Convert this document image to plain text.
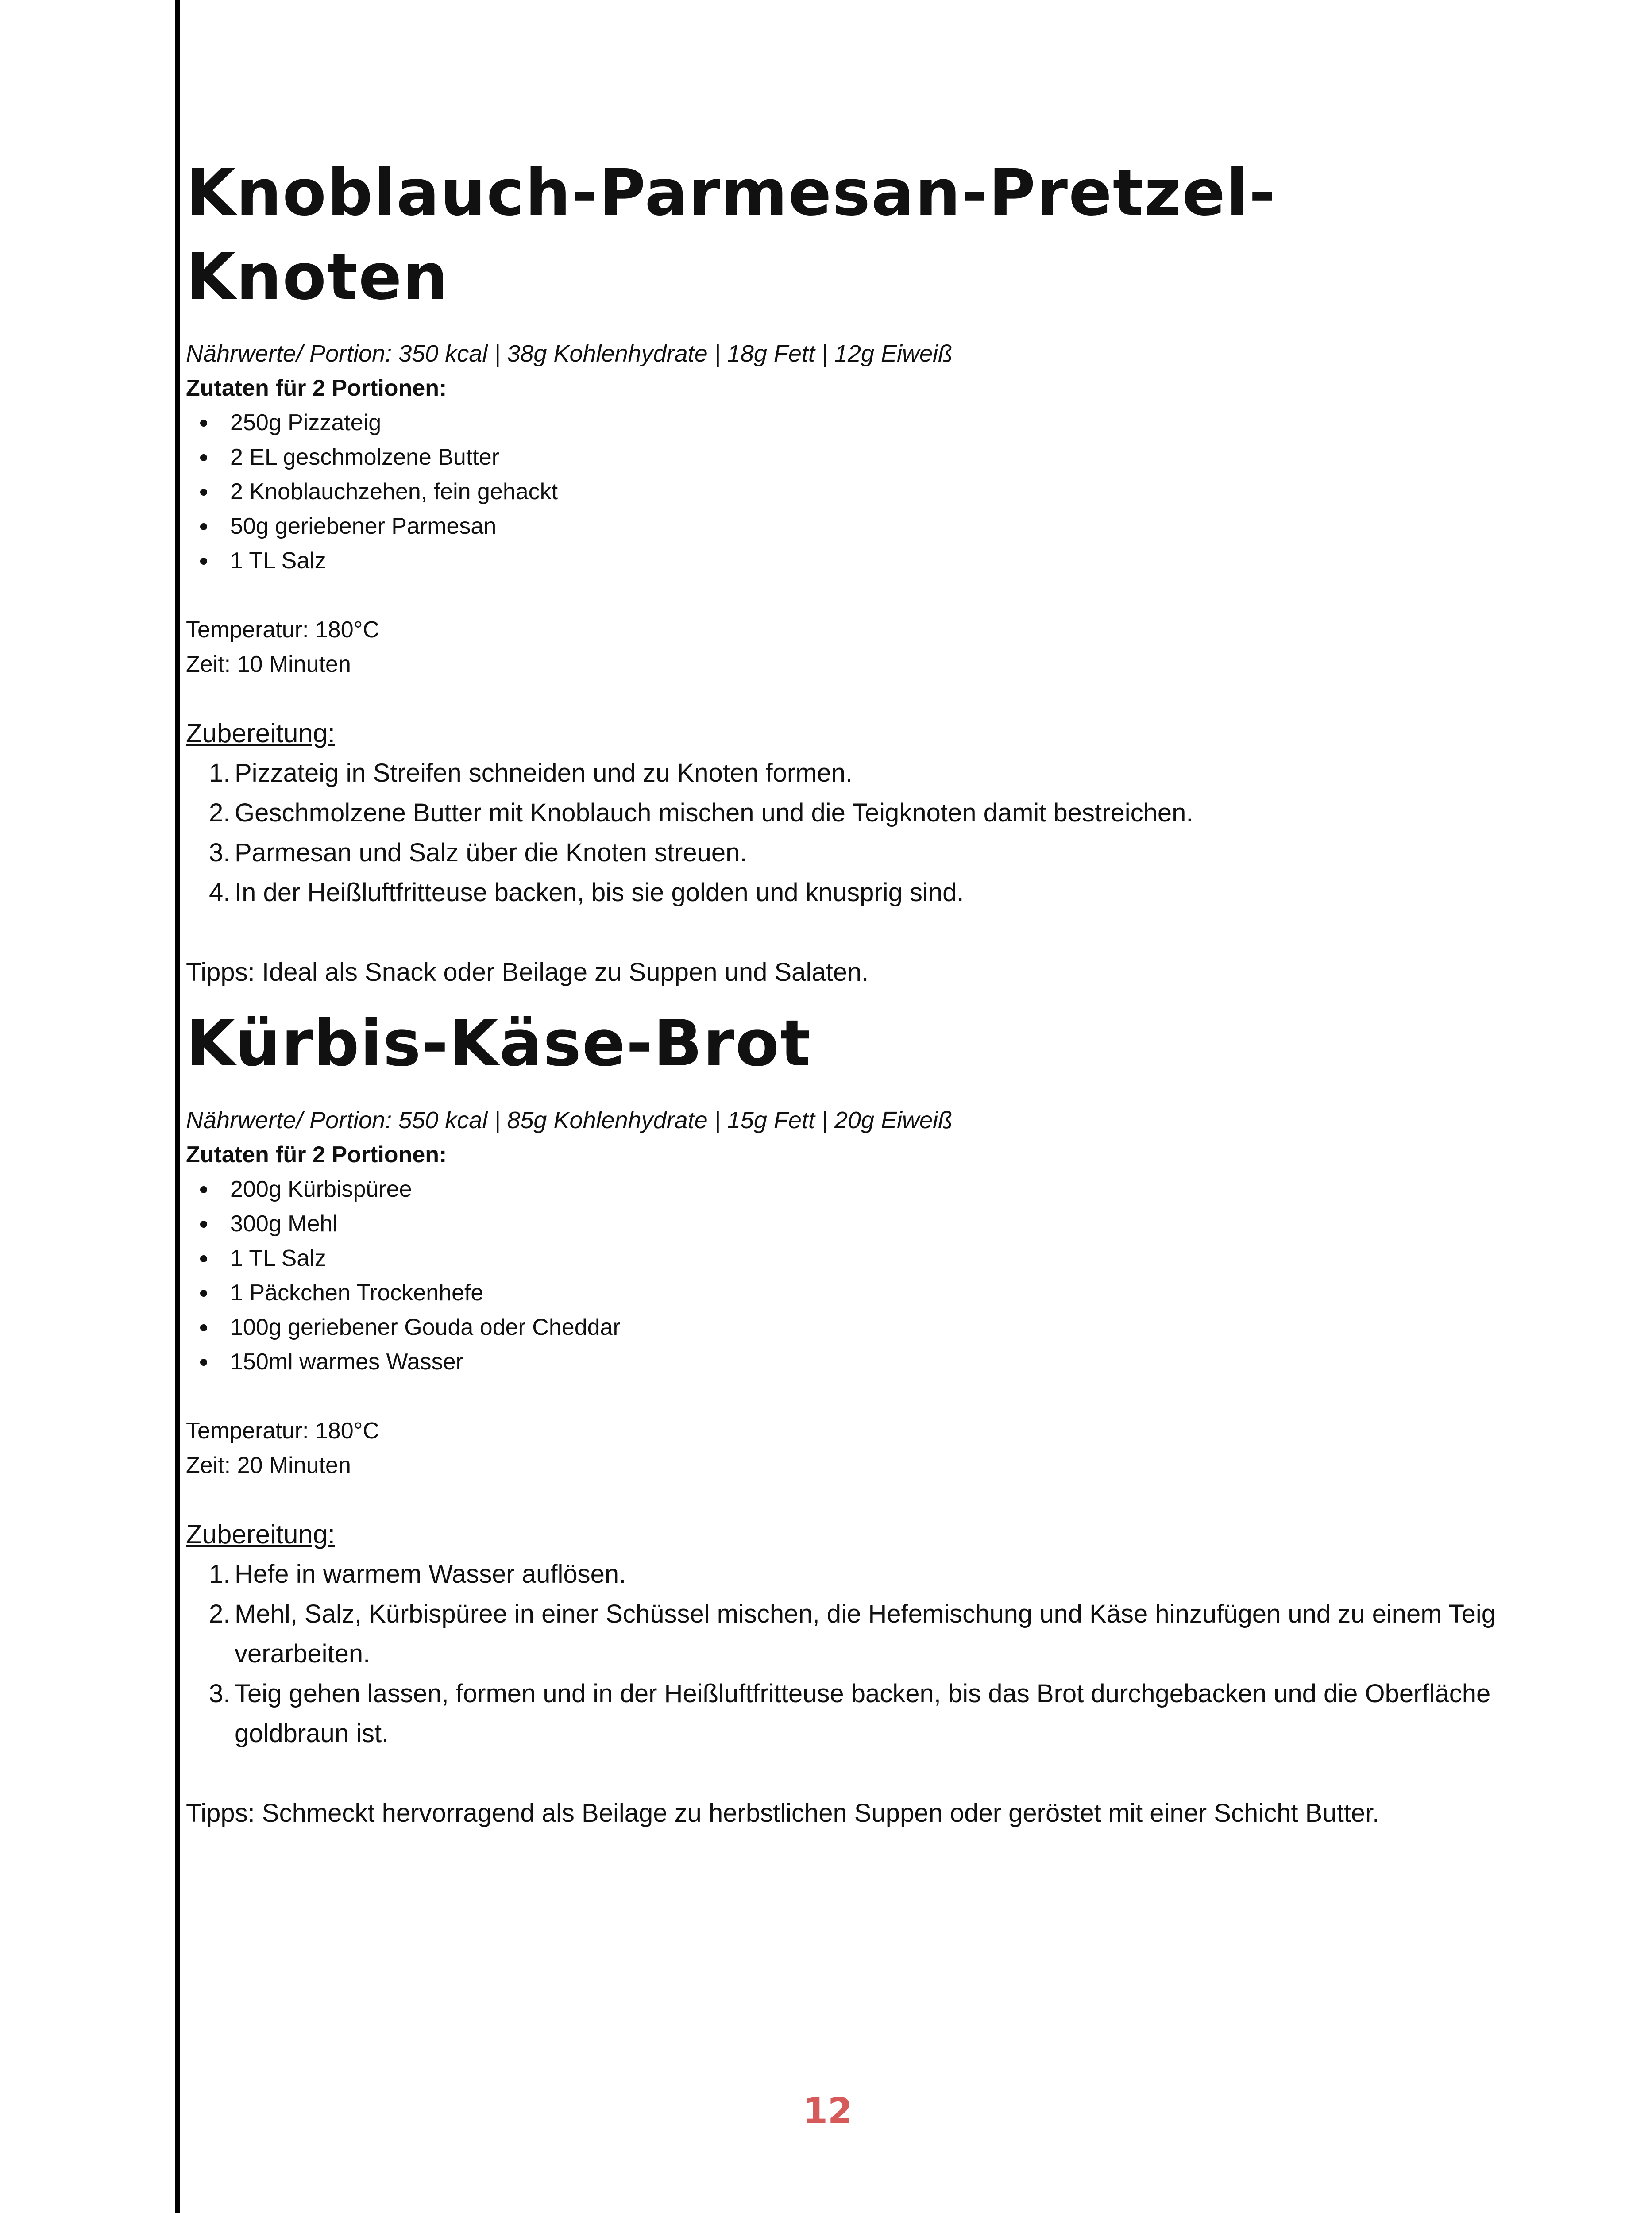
Knoblauch-Parmesan-Pretzel-Knoten
Nährwerte/ Portion: 350 kcal | 38g Kohlenhydrate | 18g Fett | 12g Eiweiß
Zutaten für 2 Portionen:
250g Pizzateig
2 EL geschmolzene Butter
2 Knoblauchzehen, fein gehackt
50g geriebener Parmesan
1 TL Salz
Temperatur: 180°C
Zeit: 10 Minuten
Zubereitung:
1. Pizzateig in Streifen schneiden und zu Knoten formen.
2. Geschmolzene Butter mit Knoblauch mischen und die Teigknoten damit bestreichen.
3. Parmesan und Salz über die Knoten streuen.
4. In der Heißluftfritteuse backen, bis sie golden und knusprig sind.
Tipps: Ideal als Snack oder Beilage zu Suppen und Salaten.
Kürbis-Käse-Brot
Nährwerte/ Portion: 550 kcal | 85g Kohlenhydrate | 15g Fett | 20g Eiweiß
Zutaten für 2 Portionen:
200g Kürbispüree
300g Mehl
1 TL Salz
1 Päckchen Trockenhefe
100g geriebener Gouda oder Cheddar
150ml warmes Wasser
Temperatur: 180°C
Zeit: 20 Minuten
Zubereitung:
1. Hefe in warmem Wasser auflösen.
2. Mehl, Salz, Kürbispüree in einer Schüssel mischen, die Hefemischung und Käse hinzufügen und zu einem Teig verarbeiten.
3. Teig gehen lassen, formen und in der Heißluftfritteuse backen, bis das Brot durchgebacken und die Oberfläche goldbraun ist.
Tipps: Schmeckt hervorragend als Beilage zu herbstlichen Suppen oder geröstet mit einer Schicht Butter.
12
